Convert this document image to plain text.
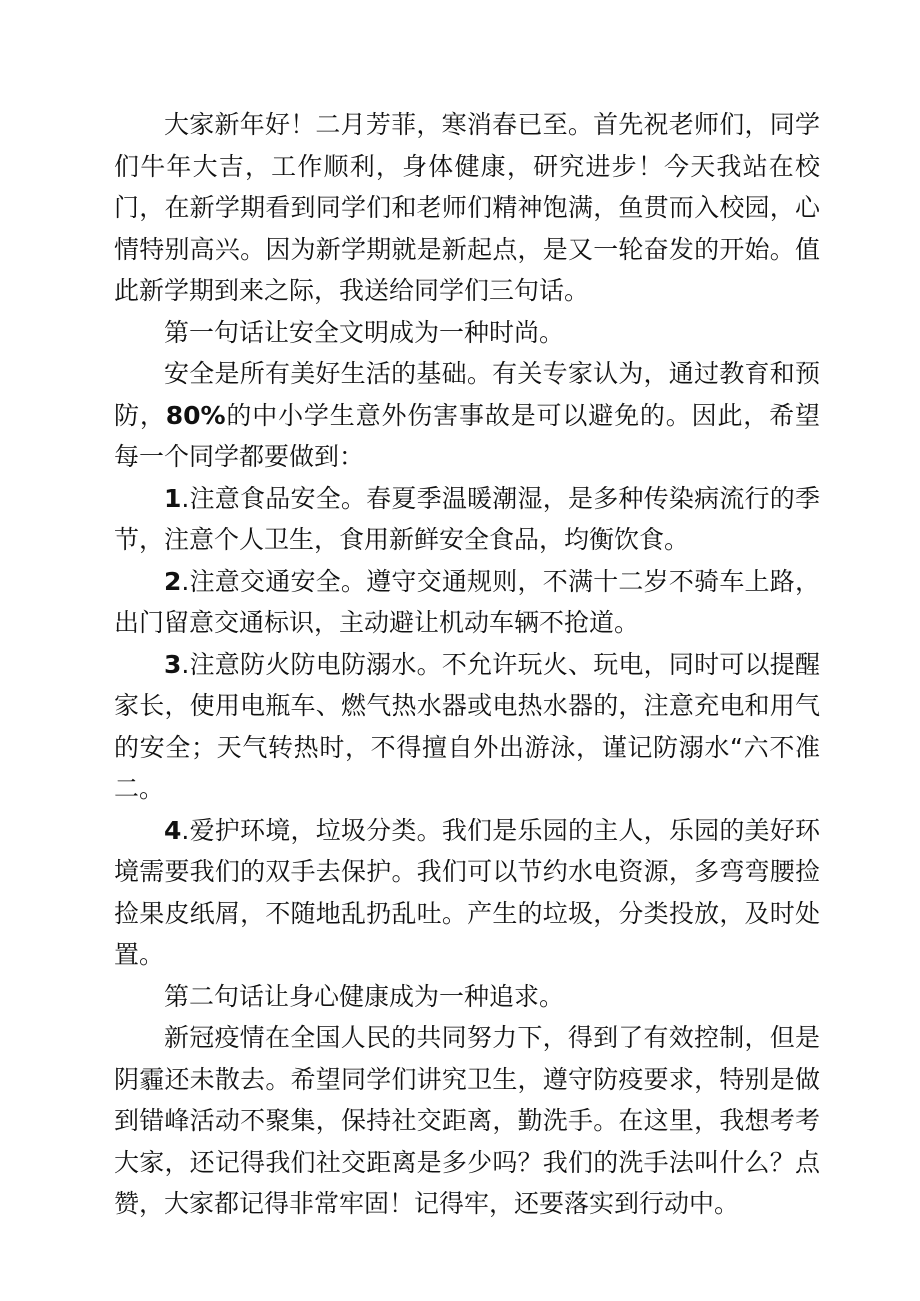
大家新年好！二月芳菲，寒消春已至。首先祝老师们，同学们牛年大吉，工作顺利，身体健康，研究进步！今天我站在校门，在新学期看到同学们和老师们精神饱满，鱼贯而入校园，心情特别高兴。因为新学期就是新起点，是又一轮奋发的开始。值此新学期到来之际，我送给同学们三句话。

第一句话让安全文明成为一种时尚。

安全是所有美好生活的基础。有关专家认为，通过教育和预防，80%的中小学生意外伤害事故是可以避免的。因此，希望每一个同学都要做到：

1.注意食品安全。春夏季温暖潮湿，是多种传染病流行的季节，注意个人卫生，食用新鲜安全食品，均衡饮食。

2.注意交通安全。遵守交通规则，不满十二岁不骑车上路，出门留意交通标识，主动避让机动车辆不抢道。

3.注意防火防电防溺水。不允许玩火、玩电，同时可以提醒家长，使用电瓶车、燃气热水器或电热水器的，注意充电和用气的安全；天气转热时，不得擅自外出游泳，谨记防溺水“六不准二。

4.爱护环境，垃圾分类。我们是乐园的主人，乐园的美好环境需要我们的双手去保护。我们可以节约水电资源，多弯弯腰捡捡果皮纸屑，不随地乱扔乱吐。产生的垃圾，分类投放，及时处置。

第二句话让身心健康成为一种追求。

新冠疫情在全国人民的共同努力下，得到了有效控制，但是阴霾还未散去。希望同学们讲究卫生，遵守防疫要求，特别是做到错峰活动不聚集，保持社交距离，勤洗手。在这里，我想考考大家，还记得我们社交距离是多少吗？我们的洗手法叫什么？点赞，大家都记得非常牢固！记得牢，还要落实到行动中。
